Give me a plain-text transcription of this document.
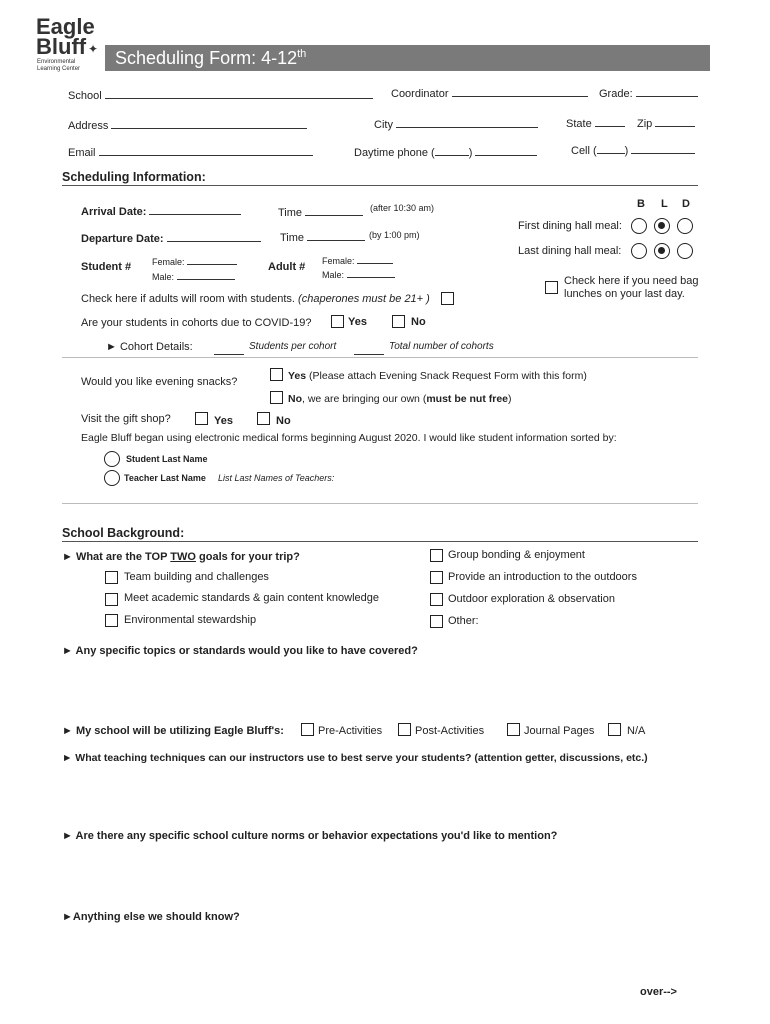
Eagle
Bluff ✦
Environmental
Learning Center
Scheduling Form: 4-12th
School	Coordinator	Grade:
Address	City	State	Zip
Email	Daytime phone (	)	Cell (	)
Scheduling Information:
Arrival Date:	Time	(after 10:30 am)
Departure Date:	Time	(by 1:00 pm)
B L D
First dining hall meal:
Last dining hall meal:
Student # Female:
Male:
Adult # Female:
Male:	Check here if you need bag
lunches on your last day.
Check here if adults will room with students. (chaperones must be 21+ )
Are your students in cohorts due to COVID-19?	Yes	No
► Cohort Details:	Students per cohort	Total number of cohorts
Would you like evening snacks?	Yes (Please attach Evening Snack Request Form with this form)
No, we are bringing our own (must be nut free)
Visit the gift shop?	Yes	No
Eagle Bluff began using electronic medical forms beginning August 2020. I would like student information sorted by:
Student Last Name
Teacher Last Name List Last Names of Teachers:
School Background:
► What are the TOP TWO goals for your trip?
Team building and challenges
Meet academic standards & gain content knowledge
Environmental stewardship
Group bonding & enjoyment
Provide an introduction to the outdoors
Outdoor exploration & observation
Other:
► Any specific topics or standards would you like to have covered?
► My school will be utilizing Eagle Bluff's:	Pre-Activities	Post-Activities	Journal Pages	N/A
► What teaching techniques can our instructors use to best serve your students? (attention getter, discussions, etc.)
► Are there any specific school culture norms or behavior expectations you'd like to mention?
►Anything else we should know?
over-->
